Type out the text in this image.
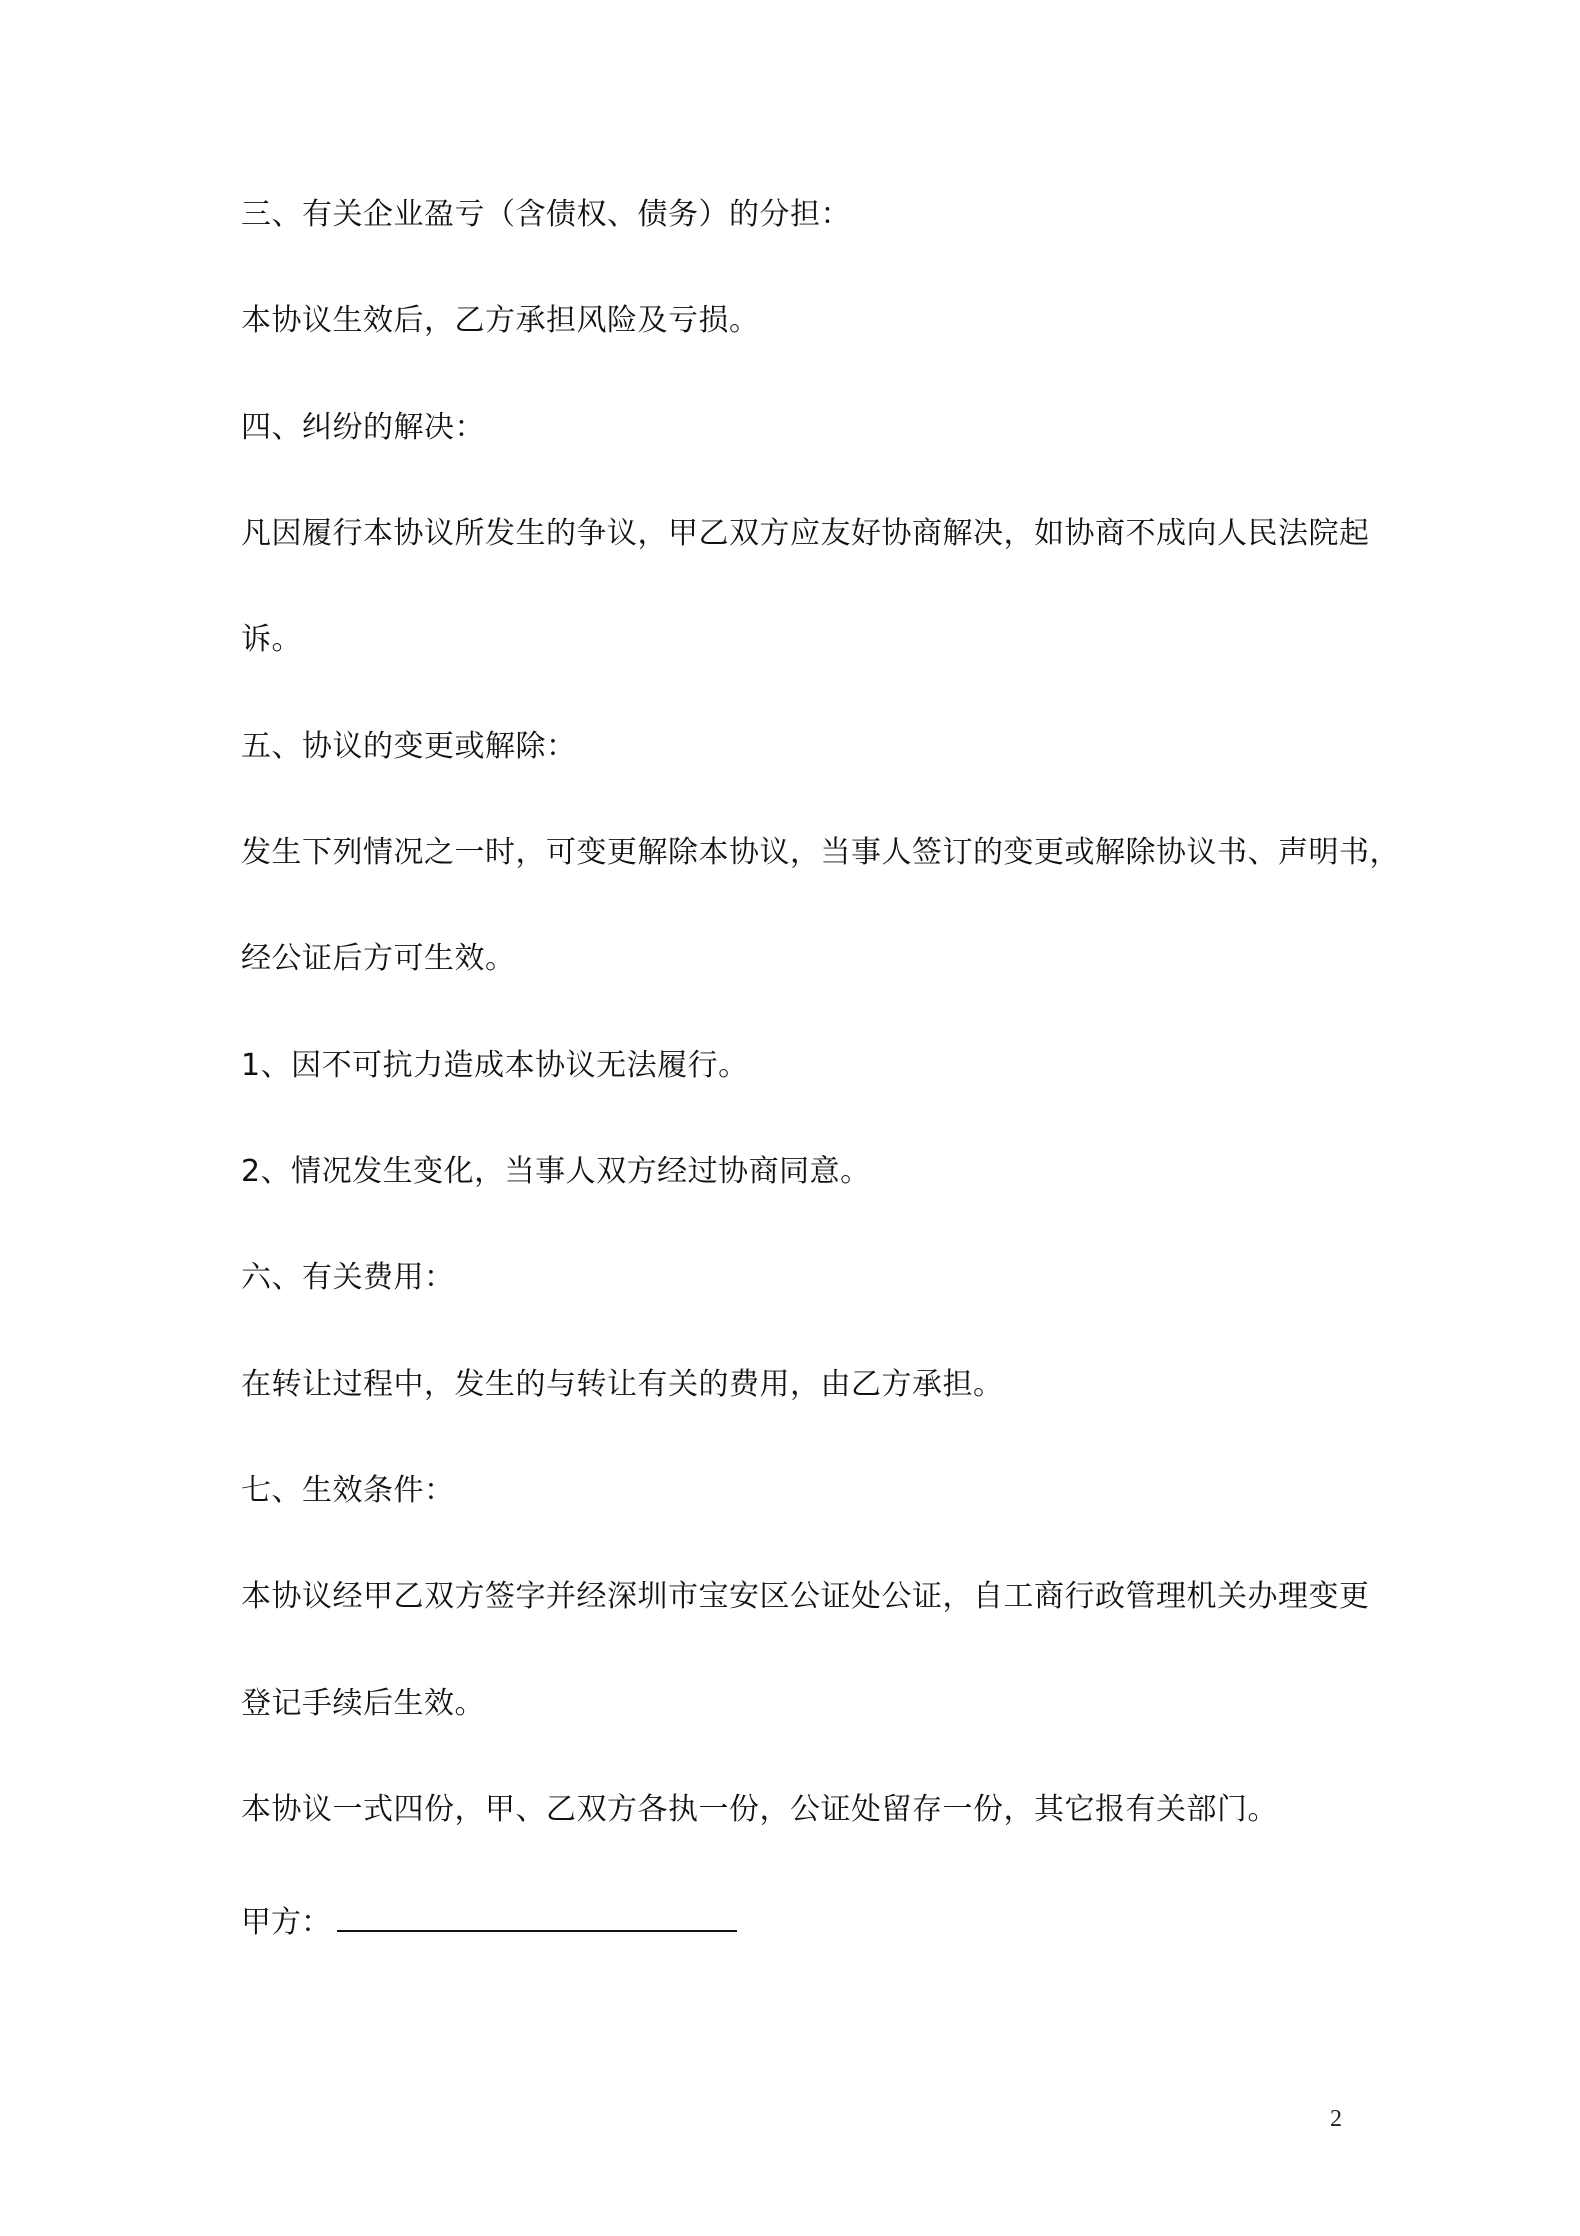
三、有关企业盈亏（含债权、债务）的分担：
本协议生效后，乙方承担风险及亏损。
四、纠纷的解决：
凡因履行本协议所发生的争议，甲乙双方应友好协商解决，如协商不成向人民法院起
诉。
五、协议的变更或解除：
发生下列情况之一时，可变更解除本协议，当事人签订的变更或解除协议书、声明书，
经公证后方可生效。
1、因不可抗力造成本协议无法履行。
2、情况发生变化，当事人双方经过协商同意。
六、有关费用：
在转让过程中，发生的与转让有关的费用，由乙方承担。
七、生效条件：
本协议经甲乙双方签字并经深圳市宝安区公证处公证，自工商行政管理机关办理变更
登记手续后生效。
本协议一式四份，甲、乙双方各执一份，公证处留存一份，其它报有关部门。
甲方：
2
